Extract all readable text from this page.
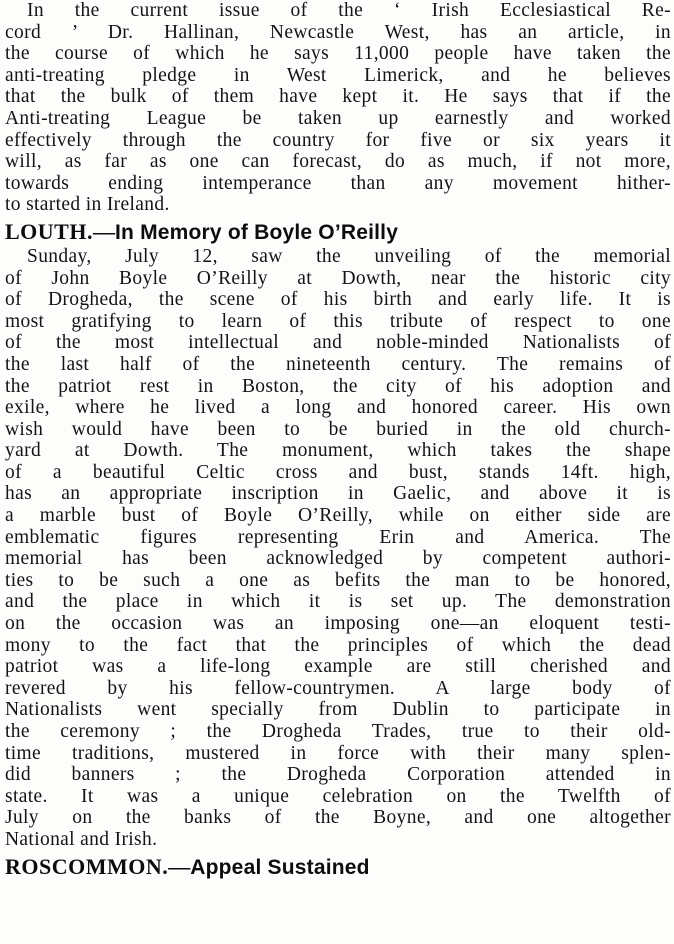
In the current issue of the ‘ Irish Ecclesiastical Re-
cord ’ Dr. Hallinan, Newcastle West, has an article, in
the course of which he says 11,000 people have taken the
anti-treating pledge in West Limerick, and he believes
that the bulk of them have kept it. He says that if the
Anti-treating League be taken up earnestly and worked
effectively through the country for five or six years it
will, as far as one can forecast, do as much, if not more,
towards ending intemperance than any movement hither-
to started in Ireland.
LOUTH.—In Memory of Boyle O’Reilly
Sunday, July 12, saw the unveiling of the memorial
of John Boyle O’Reilly at Dowth, near the historic city
of Drogheda, the scene of his birth and early life. It is
most gratifying to learn of this tribute of respect to one
of the most intellectual and noble-minded Nationalists of
the last half of the nineteenth century. The remains of
the patriot rest in Boston, the city of his adoption and
exile, where he lived a long and honored career. His own
wish would have been to be buried in the old church-
yard at Dowth. The monument, which takes the shape
of a beautiful Celtic cross and bust, stands 14ft. high,
has an appropriate inscription in Gaelic, and above it is
a marble bust of Boyle O’Reilly, while on either side are
emblematic figures representing Erin and America. The
memorial has been acknowledged by competent authori-
ties to be such a one as befits the man to be honored,
and the place in which it is set up. The demonstration
on the occasion was an imposing one—an eloquent testi-
mony to the fact that the principles of which the dead
patriot was a life-long example are still cherished and
revered by his fellow-countrymen. A large body of
Nationalists went specially from Dublin to participate in
the ceremony ; the Drogheda Trades, true to their old-
time traditions, mustered in force with their many splen-
did banners ; the Drogheda Corporation attended in
state. It was a unique celebration on the Twelfth of
July on the banks of the Boyne, and one altogether
National and Irish.
ROSCOMMON.—Appeal Sustained
